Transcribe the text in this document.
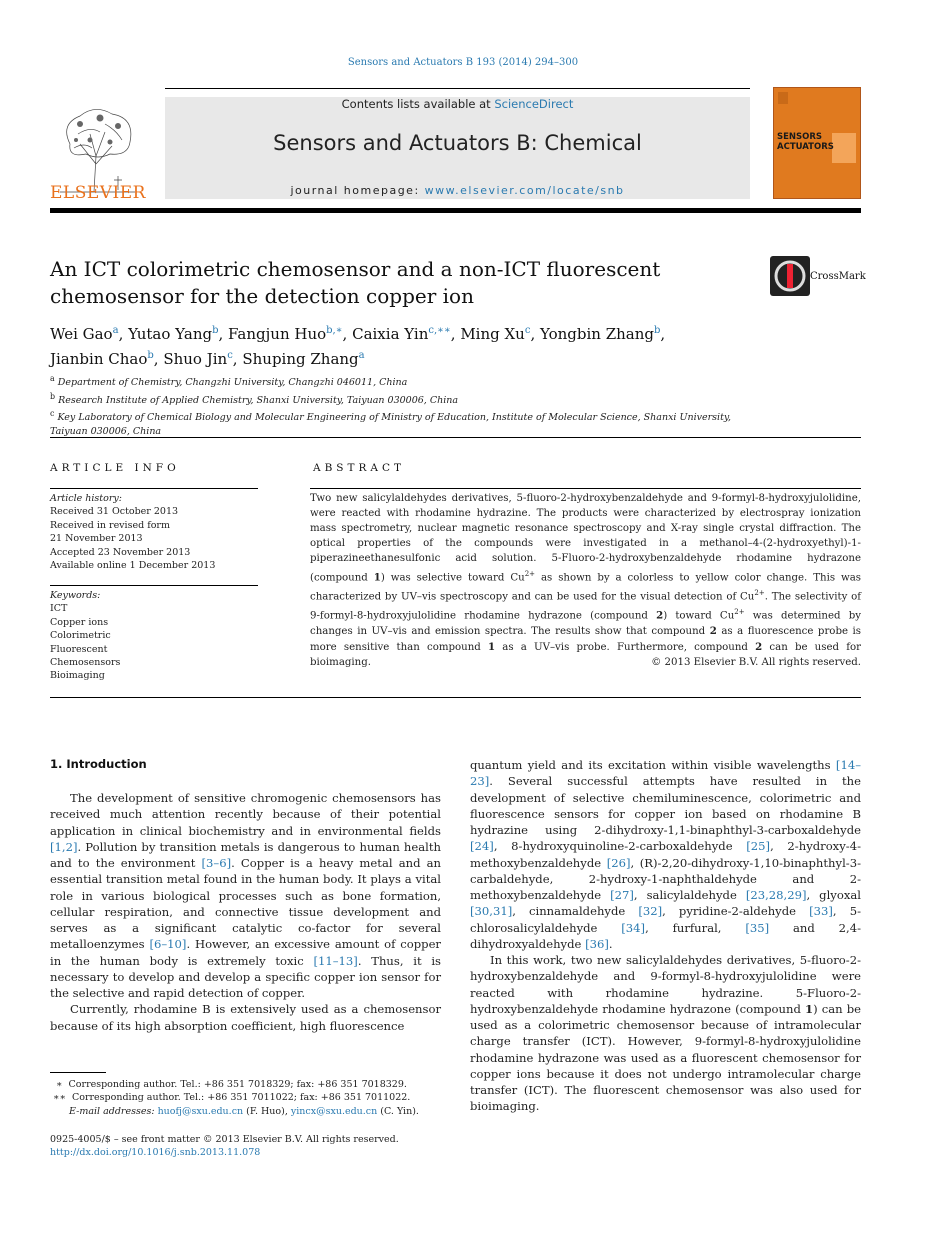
Sensors and Actuators B 193 (2014) 294–300
ELSEVIER
Contents lists available at ScienceDirect
Sensors and Actuators B: Chemical
journal homepage: www.elsevier.com/locate/snb
SENSORS
ACTUATORS
An ICT colorimetric chemosensor and a non-ICT fluorescent chemosensor for the detection copper ion
CrossMark
Wei Gao$^a$, Yutao Yang$^b$, Fangjun Huo$^{b,∗}$, Caixia Yin$^{c,∗∗}$, Ming Xu$^c$, Yongbin Zhang$^b$,
Jianbin Chao$^b$, Shuo Jin$^c$, Shuping Zhang$^a$
$^a$ Department of Chemistry, Changzhi University, Changzhi 046011, China
$^b$ Research Institute of Applied Chemistry, Shanxi University, Taiyuan 030006, China
$^c$ Key Laboratory of Chemical Biology and Molecular Engineering of Ministry of Education, Institute of Molecular Science, Shanxi University, Taiyuan 030006, China
ARTICLE INFO	ABSTRACT
Article history:
Received 31 October 2013
Received in revised form
21 November 2013
Accepted 23 November 2013
Available online 1 December 2013
Keywords:
ICT
Copper ions
Colorimetric
Fluorescent
Chemosensors
Bioimaging
Two new salicylaldehydes derivatives, 5-fluoro-2-hydroxybenzaldehyde and 9-formyl-8-hydroxyjulolidine, were reacted with rhodamine hydrazine. The products were characterized by electrospray ionization mass spectrometry, nuclear magnetic resonance spectroscopy and X-ray single crystal diffraction. The optical properties of the compounds were investigated in a methanol–4-(2-hydroxyethyl)-1-piperazineethanesulfonic acid solution. 5-Fluoro-2-hydroxybenzaldehyde rhodamine hydrazone (compound 1) was selective toward $Cu^{2+}$ as shown by a colorless to yellow color change. This was characterized by UV–vis spectroscopy and can be used for the visual detection of $Cu^{2+}$. The selectivity of 9-formyl-8-hydroxyjulolidine rhodamine hydrazone (compound 2) toward $Cu^{2+}$ was determined by changes in UV–vis and emission spectra. The results show that compound 2 as a fluorescence probe is more sensitive than compound 1 as a UV–vis probe. Furthermore, compound 2 can be used for bioimaging.	© 2013 Elsevier B.V. All rights reserved.
1. Introduction

The development of sensitive chromogenic chemosensors has received much attention recently because of their potential application in clinical biochemistry and in environmental fields [1,2]. Pollution by transition metals is dangerous to human health and to the environment [3–6]. Copper is a heavy metal and an essential transition metal found in the human body. It plays a vital role in various biological processes such as bone formation, cellular respiration, and connective tissue development and serves as a significant catalytic co-factor for several metalloenzymes [6–10]. However, an excessive amount of copper in the human body is extremely toxic [11–13]. Thus, it is necessary to develop and develop a specific copper ion sensor for the selective and rapid detection of copper.

Currently, rhodamine B is extensively used as a chemosensor because of its high absorption coefficient, high fluorescence

quantum yield and its excitation within visible wavelengths [14–23]. Several successful attempts have resulted in the development of selective chemiluminescence, colorimetric and fluorescence sensors for copper ion based on rhodamine B hydrazine using 2-dihydroxy-1,1-binaphthyl-3-carboxaldehyde [24], 8-hydroxyquinoline-2-carboxaldehyde [25], 2-hydroxy-4-methoxybenzaldehyde [26], (R)-2,20-dihydroxy-1,10-binaphthyl-3-carbaldehyde, 2-hydroxy-1-naphthaldehyde and 2-methoxybenzaldehyde [27], salicylaldehyde [23,28,29], glyoxal [30,31], cinnamaldehyde [32], pyridine-2-aldehyde [33], 5-chlorosalicylaldehyde [34], furfural, [35] and 2,4-dihydroxyaldehyde [36].

In this work, two new salicylaldehydes derivatives, 5-fluoro-2-hydroxybenzaldehyde and 9-formyl-8-hydroxyjulolidine were reacted with rhodamine hydrazine. 5-Fluoro-2-hydroxybenzaldehyde rhodamine hydrazone (compound 1) can be used as a colorimetric chemosensor because of intramolecular charge transfer (ICT). However, 9-formyl-8-hydroxyjulolidine rhodamine hydrazone was used as a fluorescent chemosensor for copper ions because it does not undergo intramolecular charge transfer (ICT). The fluorescent chemosensor was also used for bioimaging.

∗  Corresponding author. Tel.: +86 351 7018329; fax: +86 351 7018329.
∗∗  Corresponding author. Tel.: +86 351 7011022; fax: +86 351 7011022.
E-mail addresses: huofj@sxu.edu.cn (F. Huo), yincx@sxu.edu.cn (C. Yin).
0925-4005/$ – see front matter © 2013 Elsevier B.V. All rights reserved.
http://dx.doi.org/10.1016/j.snb.2013.11.078
